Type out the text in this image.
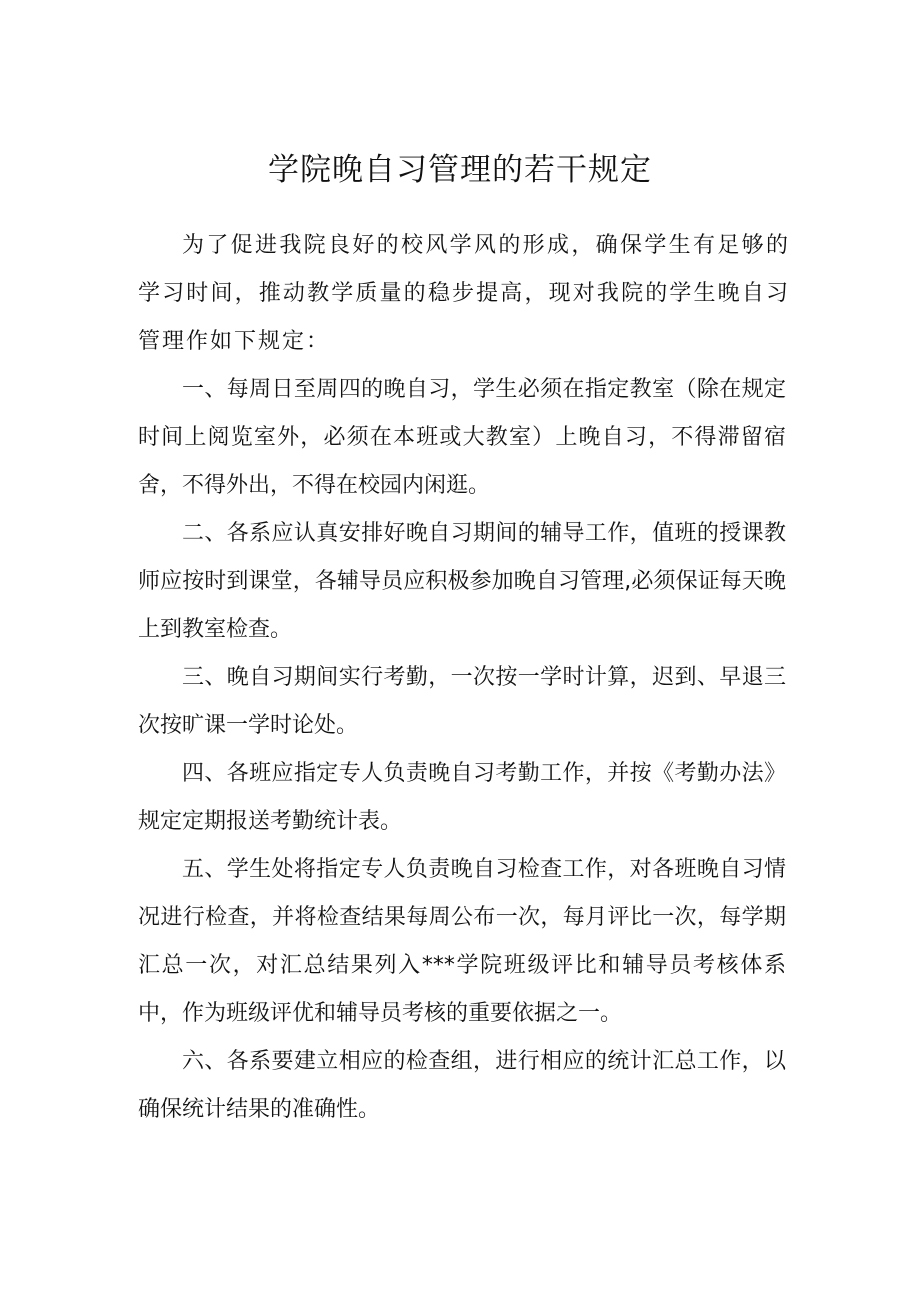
学院晚自习管理的若干规定

为了促进我院良好的校风学风的形成，确保学生有足够的学习时间，推动教学质量的稳步提高，现对我院的学生晚自习管理作如下规定：

一、每周日至周四的晚自习，学生必须在指定教室（除在规定时间上阅览室外，必须在本班或大教室）上晚自习，不得滞留宿舍，不得外出，不得在校园内闲逛。

二、各系应认真安排好晚自习期间的辅导工作，值班的授课教师应按时到课堂，各辅导员应积极参加晚自习管理,必须保证每天晚上到教室检查。

三、晚自习期间实行考勤，一次按一学时计算，迟到、早退三次按旷课一学时论处。

四、各班应指定专人负责晚自习考勤工作，并按《考勤办法》规定定期报送考勤统计表。

五、学生处将指定专人负责晚自习检查工作，对各班晚自习情况进行检查，并将检查结果每周公布一次，每月评比一次，每学期汇总一次，对汇总结果列入***学院班级评比和辅导员考核体系中，作为班级评优和辅导员考核的重要依据之一。

六、各系要建立相应的检查组，进行相应的统计汇总工作，以确保统计结果的准确性。
